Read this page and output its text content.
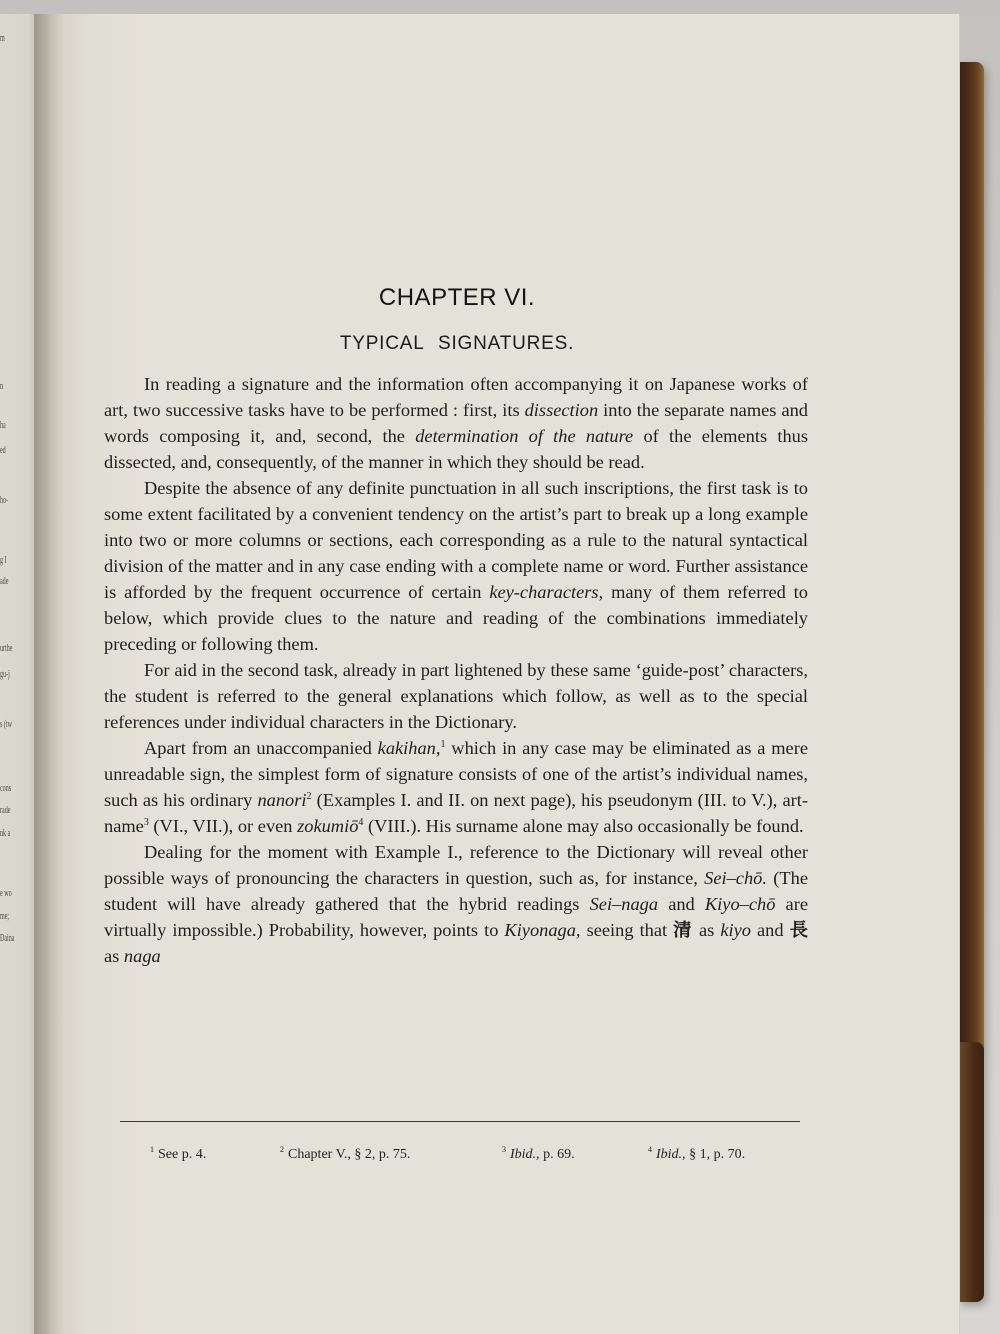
m
n
ha
ed
ho-
g I
ade
urthe
gu-j
s (tw
cons
rade
nk a
e wo
me;
Daina
CHAPTER VI.
TYPICAL SIGNATURES.

In reading a signature and the information often accompanying it on Japanese works of art, two successive tasks have to be performed : first, its dissection into the separate names and words composing it, and, second, the determination of the nature of the elements thus dissected, and, consequently, of the manner in which they should be read.

Despite the absence of any definite punctuation in all such inscriptions, the first task is to some extent facilitated by a convenient tendency on the artist’s part to break up a long example into two or more columns or sections, each corresponding as a rule to the natural syntactical division of the matter and in any case ending with a complete name or word. Further assistance is afforded by the frequent occurrence of certain key-characters, many of them referred to below, which provide clues to the nature and reading of the combinations immediately preceding or following them.

For aid in the second task, already in part lightened by these same ‘guide-post’ characters, the student is referred to the general explanations which follow, as well as to the special references under individual characters in the Dictionary.

Apart from an unaccompanied kakihan,$^1$ which in any case may be eliminated as a mere unreadable sign, the simplest form of signature consists of one of the artist’s individual names, such as his ordinary nanori$^2$ (Examples I. and II. on next page), his pseudonym (III. to V.), art-name$^3$ (VI., VII.), or even zokumiō$^4$ (VIII.). His surname alone may also occasionally be found.

Dealing for the moment with Example I., reference to the Dictionary will reveal other possible ways of pronouncing the characters in question, such as, for instance, Sei–chō. (The student will have already gathered that the hybrid readings Sei–naga and Kiyo–chō are virtually impossible.) Probability, however, points to Kiyonaga, seeing that 清 as kiyo and 長 as naga

$^1$ See p. 4.	$^2$ Chapter V., § 2, p. 75.	$^3$ Ibid., p. 69.	$^4$ Ibid., § 1, p. 70.
